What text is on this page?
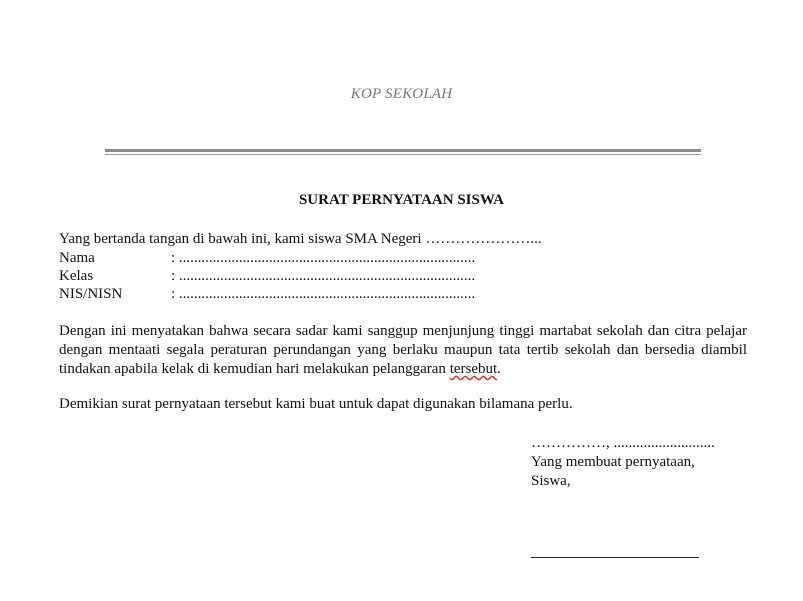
KOP SEKOLAH
SURAT PERNYATAAN SISWA
Yang bertanda tangan di bawah ini, kami siswa SMA Negeri …………………...
Nama	: ...............................................................................
Kelas	: ...............................................................................
NIS/NISN	: ...............................................................................
Dengan ini menyatakan bahwa secara sadar kami sanggup menjunjung tinggi martabat sekolah dan citra pelajar dengan mentaati segala peraturan perundangan yang berlaku maupun tata tertib sekolah dan bersedia diambil tindakan apabila kelak di kemudian hari melakukan pelanggaran tersebut.
Demikian surat pernyataan tersebut kami buat untuk dapat digunakan bilamana perlu.
……………, ...........................
Yang membuat pernyataan,
Siswa,
